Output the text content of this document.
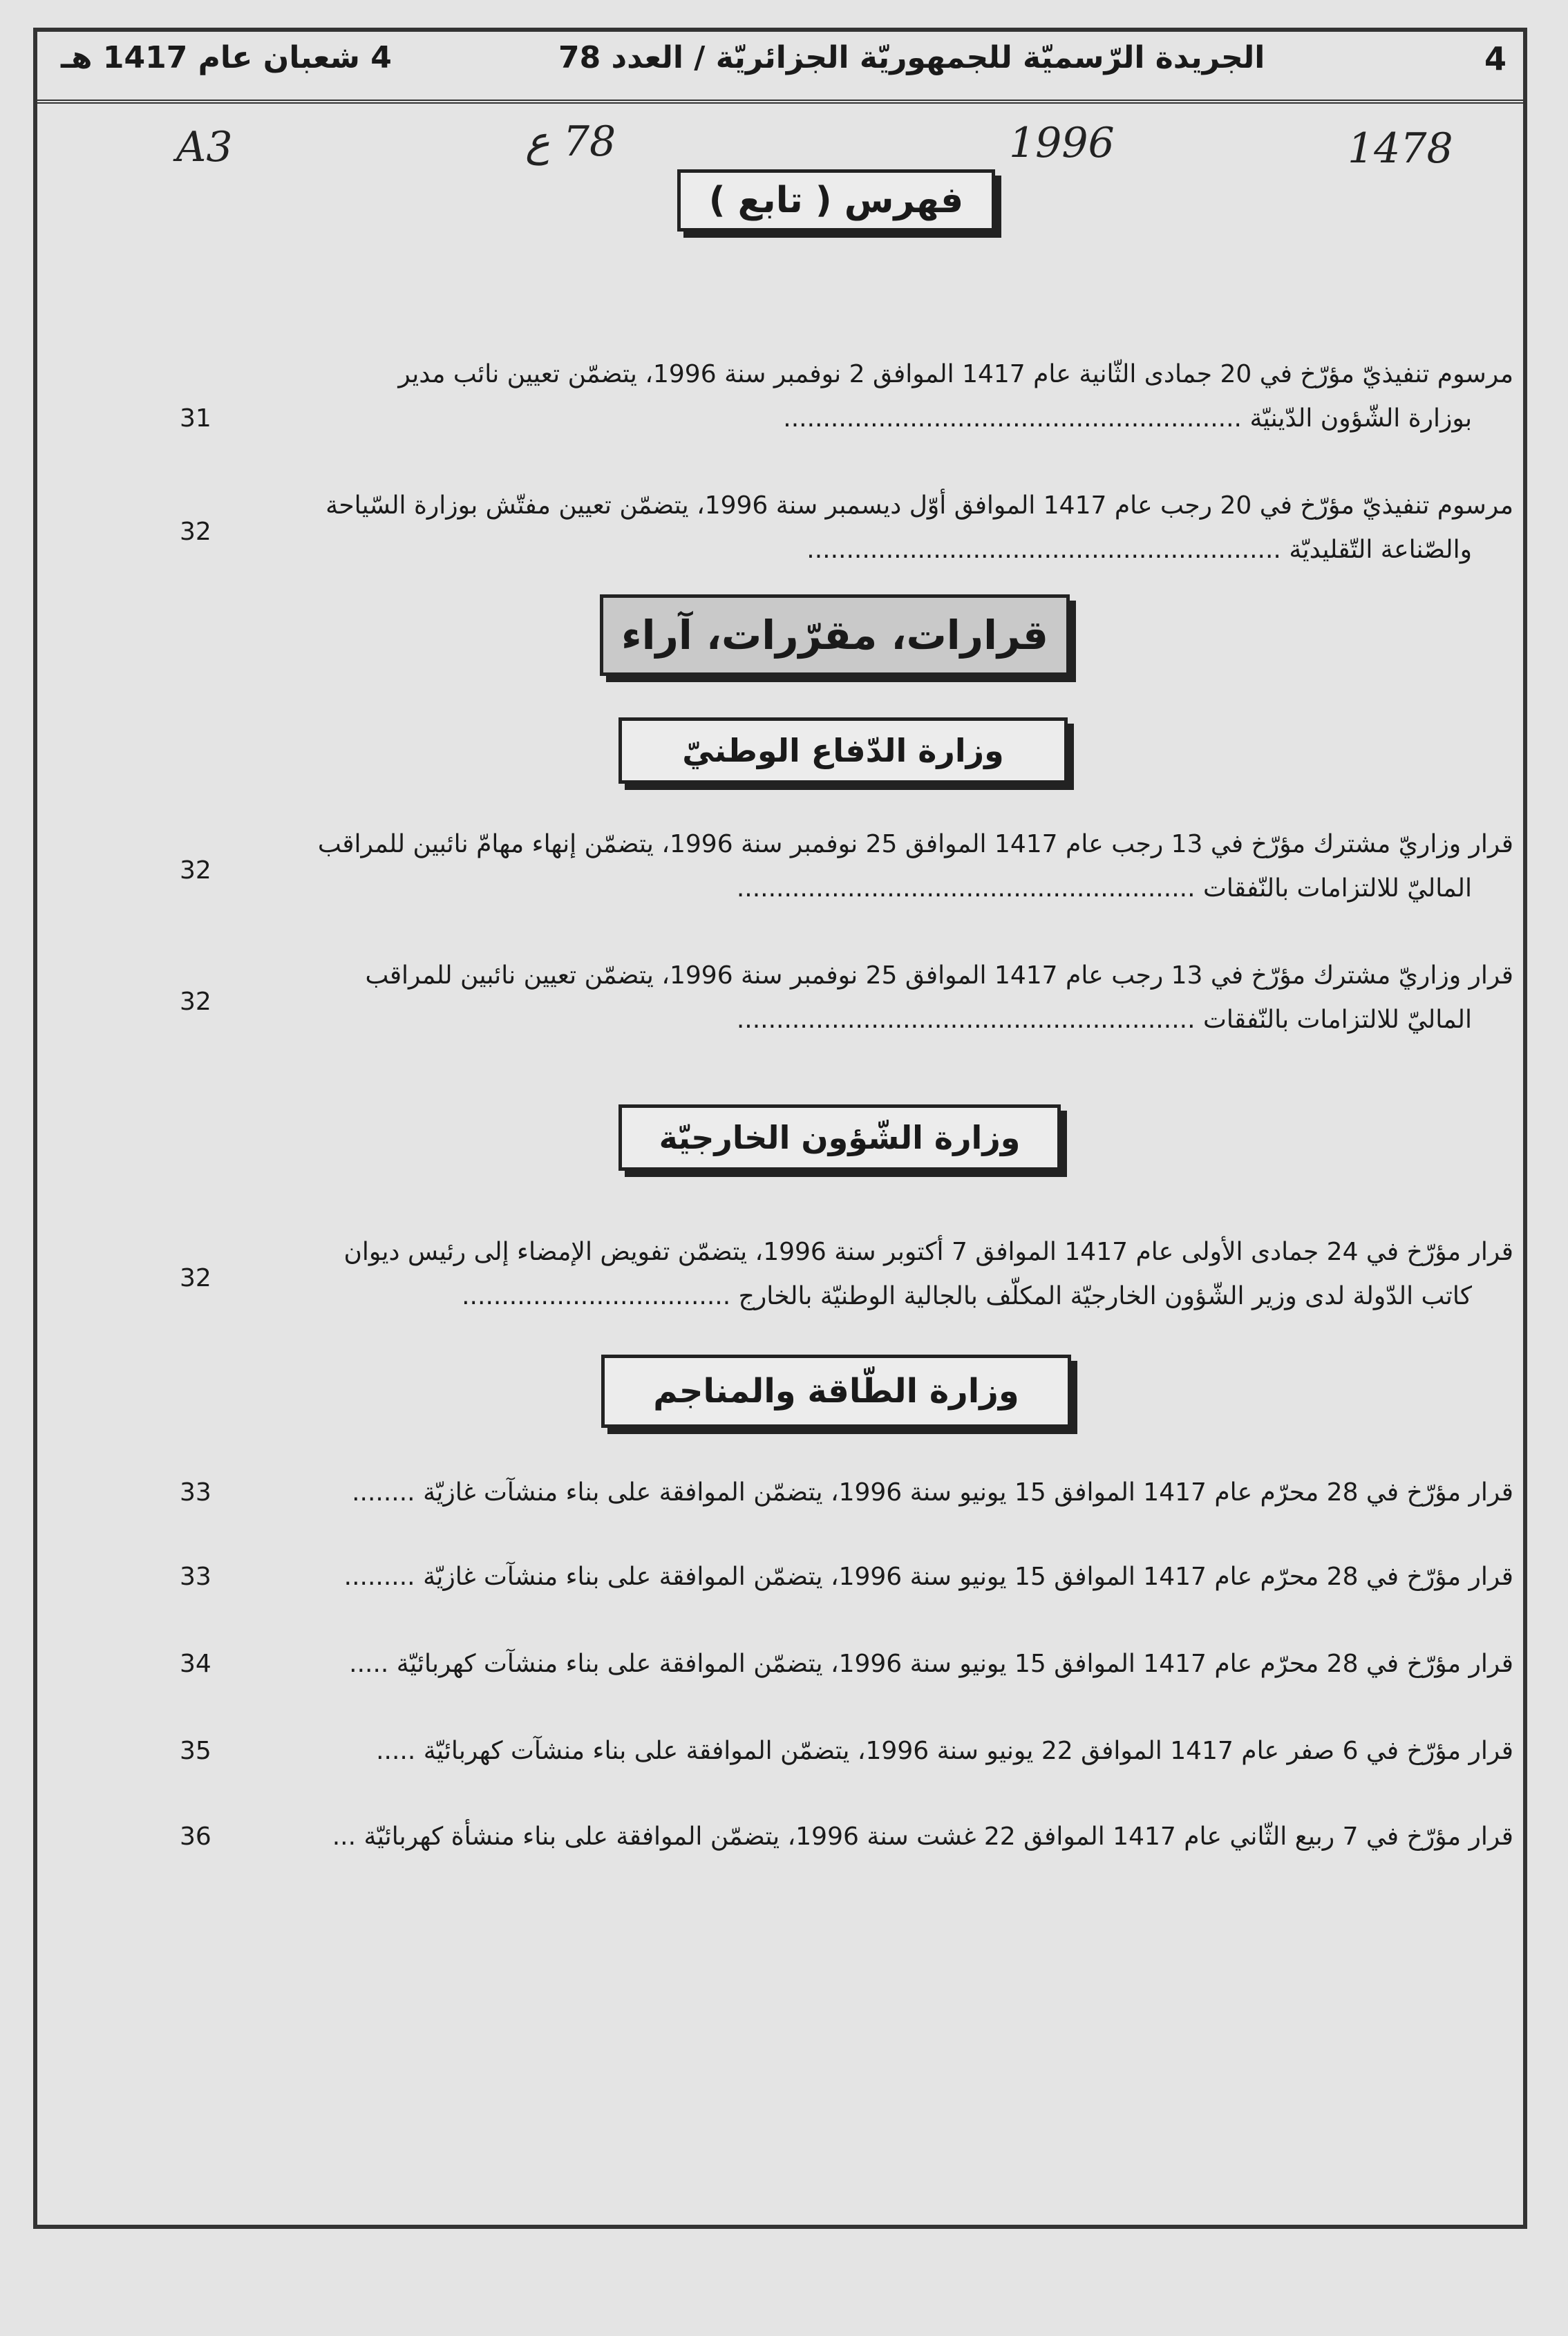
4
الجريدة الرّسميّة للجمهوريّة الجزائريّة / العدد 78
4 شعبان عام 1417 هـ
A3	78 ع	1996	1478
فهرس ( تابع )
مرسوم تنفيذيّ مؤرّخ في 20 جمادى الثّانية عام 1417 الموافق 2 نوفمبر سنة 1996، يتضمّن تعيين نائب مدير
بوزارة الشّؤون الدّينيّة ..........................................................
31
مرسوم تنفيذيّ مؤرّخ في 20 رجب عام 1417 الموافق أوّل ديسمبر سنة 1996، يتضمّن تعيين مفتّش بوزارة السّياحة
والصّناعة التّقليديّة ............................................................
32
قرارات، مقرّرات، آراء
وزارة الدّفاع الوطنيّ
قرار وزاريّ مشترك مؤرّخ في 13 رجب عام 1417 الموافق 25 نوفمبر سنة 1996، يتضمّن إنهاء مهامّ نائبين للمراقب
الماليّ للالتزامات بالنّفقات ..........................................................
32
قرار وزاريّ مشترك مؤرّخ في 13 رجب عام 1417 الموافق 25 نوفمبر سنة 1996، يتضمّن تعيين نائبين للمراقب
الماليّ للالتزامات بالنّفقات ..........................................................
32
وزارة الشّؤون الخارجيّة
قرار مؤرّخ في 24 جمادى الأولى عام 1417 الموافق 7 أكتوبر سنة 1996، يتضمّن تفويض الإمضاء إلى رئيس ديوان
كاتب الدّولة لدى وزير الشّؤون الخارجيّة المكلّف بالجالية الوطنيّة بالخارج ..................................
32
وزارة الطّاقة والمناجم
قرار مؤرّخ في 28 محرّم عام 1417 الموافق 15 يونيو سنة 1996، يتضمّن الموافقة على بناء منشآت غازيّة ........
33
قرار مؤرّخ في 28 محرّم عام 1417 الموافق 15 يونيو سنة 1996، يتضمّن الموافقة على بناء منشآت غازيّة .........
33
قرار مؤرّخ في 28 محرّم عام 1417 الموافق 15 يونيو سنة 1996، يتضمّن الموافقة على بناء منشآت كهربائيّة .....
34
قرار مؤرّخ في 6 صفر عام 1417 الموافق 22 يونيو سنة 1996، يتضمّن الموافقة على بناء منشآت كهربائيّة .....
35
قرار مؤرّخ في 7 ربيع الثّاني عام 1417 الموافق 22 غشت سنة 1996، يتضمّن الموافقة على بناء منشأة كهربائيّة ...
36
